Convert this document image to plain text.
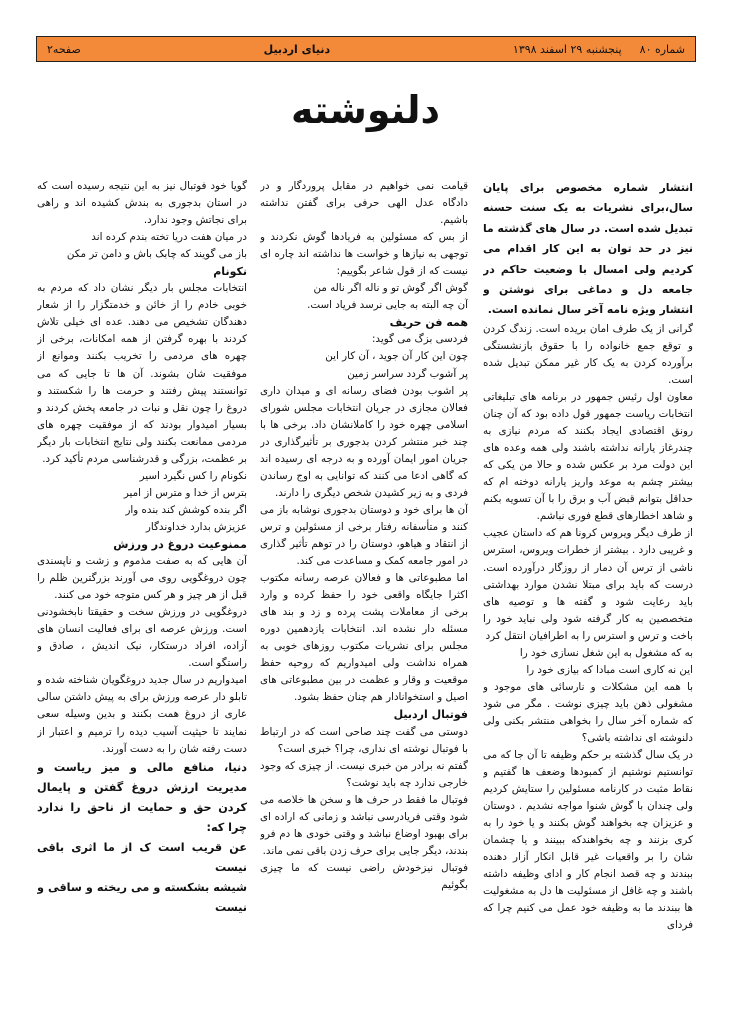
صفحه۲	دنیای اردبیل	پنجشنبه ۲۹ اسفند ۱۳۹۸ شماره ۸۰
دلنوشته

انتشار شماره مخصوص برای پایان سال،برای نشریات به یک سنت حسنه تبدیل شده است. در سال های گذشته ما نیز در حد توان به این کار اقدام می کردیم ولی امسال با وضعیت حاکم در جامعه دل و دماغی برای نوشتن و انتشار ویژه نامه آخر سال نمانده است.

گرانی از یک طرف امان بریده است. زندگ کردن و توقع جمع خانواده را با حقوق بازنشستگی برآورده کردن به یک کار غیر ممکن تبدیل شده است.

معاون اول رئیس جمهور در برنامه های تبلیغاتی انتخابات ریاست جمهور قول داده بود که آن چنان رونق اقتصادی ایجاد بکنند که مردم نیازی به چندرغاز یارانه نداشته باشند ولی همه وعده های این دولت مرد بر عکس شده و حالا من یکی که بیشتر چشم به موعد واریز یارانه دوخته ام که حداقل بتوانم قبض آب و برق را با آن تسویه بکنم و شاهد اخطارهای قطع فوری نباشم.

از طرف دیگر ویروس کرونا هم که داستان عجیب و غریبی دارد . بیشتر از خطرات ویروس، استرس ناشی از ترس آن دمار از روزگار درآورده است. درست که باید برای مبتلا نشدن موارد بهداشتی باید رعایت شود و گفته ها و توصیه های متخصصین به کار گرفته شود ولی نباید خود را باخت و ترس و استرس را به اطرافیان انتقل کرد

به که مشغول به این شغل نسازی خود را

این نه کاری است مبادا که بیازی خود را

با همه این مشکلات و نارسائی های موجود و مشغولی ذهن باید چیزی نوشت . مگر می شود که شماره آخر سال را بخواهی منتشر بکنی ولی دلنوشته ای نداشته باشی؟

در یک سال گذشته بر حکم وظیفه تا آن جا که می توانستیم نوشتیم از کمبودها وضعف ها گفتیم و نقاط مثبت در کارنامه مسئولین را ستایش کردیم ولی چندان با گوش شنوا مواجه نشدیم . دوستان و عزیزان چه بخواهند گوش بکنند و یا خود را به کری بزنند و چه بخواهندکه ببینند و یا چشمان شان را بر واقعیات غیر قابل انکار آزار دهنده ببندند و چه قصد انجام کار و ادای وظیفه داشته باشند و چه غافل از مسئولیت ها دل به مشغولیت ها ببندند ما به وظیفه خود عمل می کنیم چرا که فردای

قیامت نمی خواهیم در مقابل پروردگار و در دادگاه عدل الهی حرفی برای گفتن نداشته باشیم.

از بس که مسئولین به فریادها گوش نکردند و توجهی به نیازها و خواست ها نداشته اند چاره ای نیست که از قول شاعر بگوییم:

گوش اگر گوش تو و ناله اگر ناله من

آن چه البته به جایی نرسد فریاد است.

همه فن حریف

فردسی بزگ می گوید:

چون این کار آن جوید ، آن کار این

پر آشوب گردد سراسر زمین

پر اشوب بودن فضای رسانه ای و میدان داری فعالان مجازی در جریان انتخابات مجلس شورای اسلامی چهره خود را کاملانشان داد. برخی ها با چند خبر منتشر کردن بدجوری بر تأثیرگذاری در جریان امور ایمان آورده و به درجه ای رسیده اند که گاهی ادعا می کنند که توانایی به اوج رساندن فردی و به زیر کشیدن شخص دیگری را دارند.

آن ها برای خود و دوستان بدجوری نوشابه باز می کنند و متأسفانه رفتار برخی از مسئولین و ترس از انتقاد و هیاهو، دوستان را در توهم تأثیر گذاری در امور جامعه کمک و مساعدت می کند.

اما مطبوعاتی ها و فعالان عرصه رسانه مکتوب اکثرا جایگاه واقعی خود را حفظ کرده و وارد برخی از معاملات پشت پرده و زد و بند های مسئله دار نشده اند. انتخابات یازدهمین دوره مجلس برای نشریات مکتوب روزهای خوبی به همراه نداشت ولی امیدواریم که روحیه حفظ موقعیت و وقار و عظمت در بین مطبوعاتی های اصیل و استخوانادار هم چنان حفظ بشود.

فوتبال اردبیل

دوستی می گفت چند صاحی است که در ارتباط با فوتبال نوشته ای نداری، چرا؟ خبری است؟

گفتم نه برادر من خبری نیست. از چیزی که وجود خارجی ندارد چه باید نوشت؟

فوتبال ما فقط در حرف ها و سخن ها خلاصه می شود وقتی فریادرسی نباشد و زمانی که اراده ای برای بهبود اوضاع نباشد و وقتی خودی ها دم فرو بندند، دیگر جایی برای حرف زدن باقی نمی ماند.

فوتبال نیزخودش راضی نیست که ما چیزی بگوئیم

گویا خود فوتبال نیز به این نتیجه رسیده است که در استان بدجوری به بندش کشیده اند و راهی برای نجاتش وجود ندارد.

در میان هفت دریا تخته بندم کرده اند

باز می گویند که چابک باش و دامن تر مکن

نکونام

انتخابات مجلس بار دیگر نشان داد که مردم به خوبی خادم را از خائن و خدمتگزار را از شعار دهندگان تشخیص می دهند. عده ای خیلی تلاش کردند با بهره گرفتن از همه امکانات، برخی از چهره های مردمی را تخریب بکنند وموانع از موفقیت شان بشوند. آن ها تا جایی که می توانستند پیش رفتند و حرمت ها را شکستند و دروغ را چون نقل و نبات در جامعه پخش کردند و بسیار امیدوار بودند که از موفقیت چهره های مردمی ممانعت بکنند ولی نتایج انتخابات بار دیگر بر عظمت، بزرگی و قدرشناسی مردم تأکید کرد.

نکونام را کس نگیرد اسیر

بترس از خدا و مترس از امیر

اگر بنده کوشش کند بنده وار

عزیزش بدارد خداوندگار

ممنوعیت دروغ در ورزش

آن هایی که به صفت مذموم و زشت و ناپسندی چون دروغگویی روی می آورند بزرگترین ظلم را قبل از هر چیز و هر کس متوجه خود می کنند.

دروغگویی در ورزش سخت و حقیقتا نابخشودنی است. ورزش عرصه ای برای فعالیت انسان های آزاده، افراد درستکار، نیک اندیش ، صادق و راستگو است.

امیدواریم در سال جدید دروغگویان شناخته شده و تابلو دار عرصه ورزش برای به پیش داشتن سالی عاری از دروغ همت بکنند و بدین وسیله سعی نمایند تا حیثیت آسیب دیده را ترمیم و اعتبار از دست رفته شان را به دست آورند.

دنیا، منافع مالی و میز ریاست و مدیریت ارزش دروغ گفتن و پایمال کردن حق و حمایت از ناحق را ندارد چرا که:

عن قریب است ک از ما اثری باقی نیست

شیشه بشکسته و می ریخته و ساقی و نیست
